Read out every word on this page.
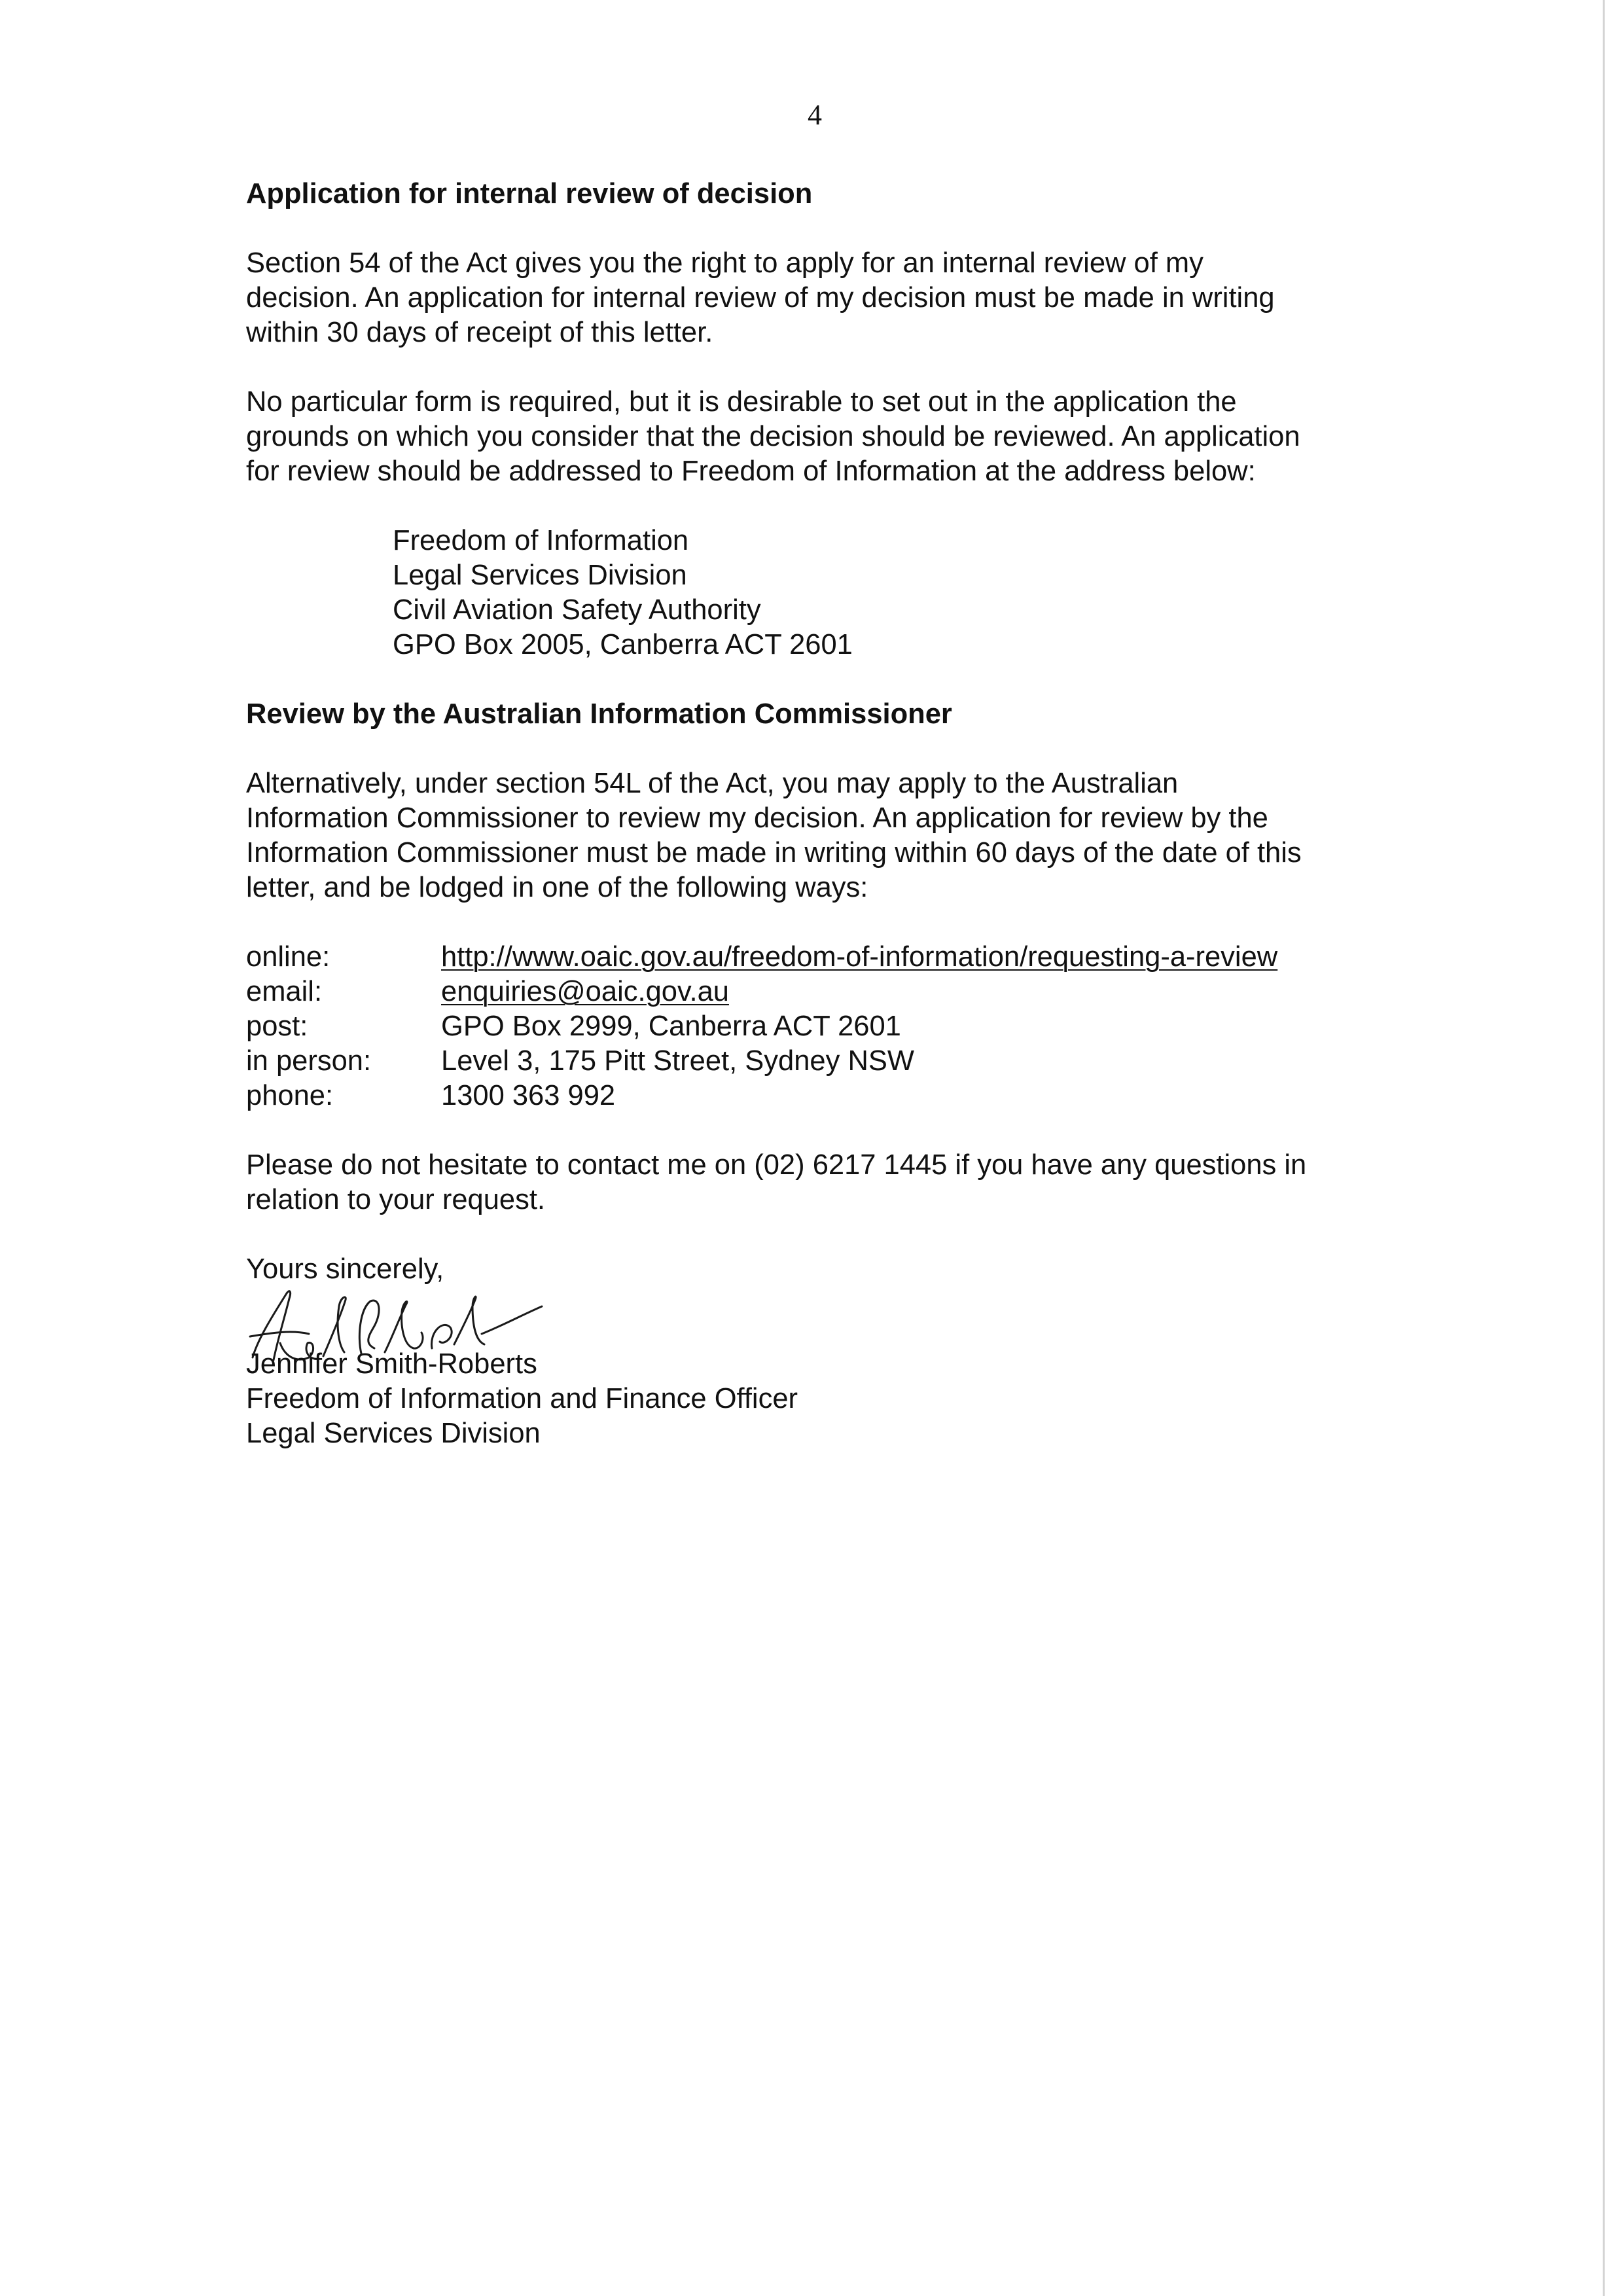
4
Application for internal review of decision

Section 54 of the Act gives you the right to apply for an internal review of my
decision. An application for internal review of my decision must be made in writing
within 30 days of receipt of this letter.

No particular form is required, but it is desirable to set out in the application the
grounds on which you consider that the decision should be reviewed. An application
for review should be addressed to Freedom of Information at the address below:

Freedom of Information
Legal Services Division
Civil Aviation Safety Authority
GPO Box 2005, Canberra ACT 2601
Review by the Australian Information Commissioner

Alternatively, under section 54L of the Act, you may apply to the Australian
Information Commissioner to review my decision. An application for review by the
Information Commissioner must be made in writing within 60 days of the date of this
letter, and be lodged in one of the following ways:

online:	http://www.oaic.gov.au/freedom-of-information/requesting-a-review
email:	enquiries@oaic.gov.au
post:	GPO Box 2999, Canberra ACT 2601
in person:	Level 3, 175 Pitt Street, Sydney NSW
phone:	1300 363 992

Please do not hesitate to contact me on (02) 6217 1445 if you have any questions in
relation to your request.

Yours sincerely,

Jennifer Smith-Roberts
Freedom of Information and Finance Officer
Legal Services Division
